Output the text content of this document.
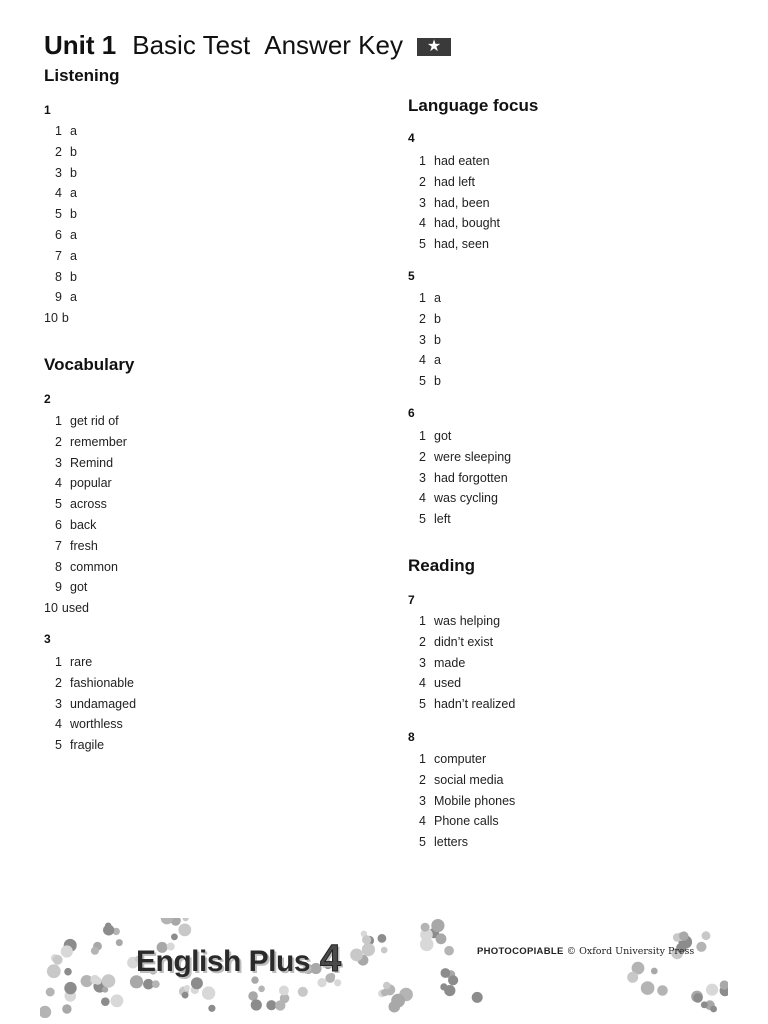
Unit 1 Basic Test Answer Key	★
Listening
1
1 a
2 b
3 b
4 a
5 b
6 a
7 a
8 b
9 a
10 b
Vocabulary
2
1 get rid of
2 remember
3 Remind
4 popular
5 across
6 back
7 fresh
8 common
9 got
10 used
3
1 rare
2 fashionable
3 undamaged
4 worthless
5 fragile
Language focus
4
1 had eaten
2 had left
3 had, been
4 had, bought
5 had, seen
5
1 a
2 b
3 b
4 a
5 b
6
1 got
2 were sleeping
3 had forgotten
4 was cycling
5 left
Reading
7
1 was helping
2 didn’t exist
3 made
4 used
5 hadn’t realized
8
1 computer
2 social media
3 Mobile phones
4 Phone calls
5 letters
English Plus 4	PHOTOCOPIABLE © Oxford University Press
